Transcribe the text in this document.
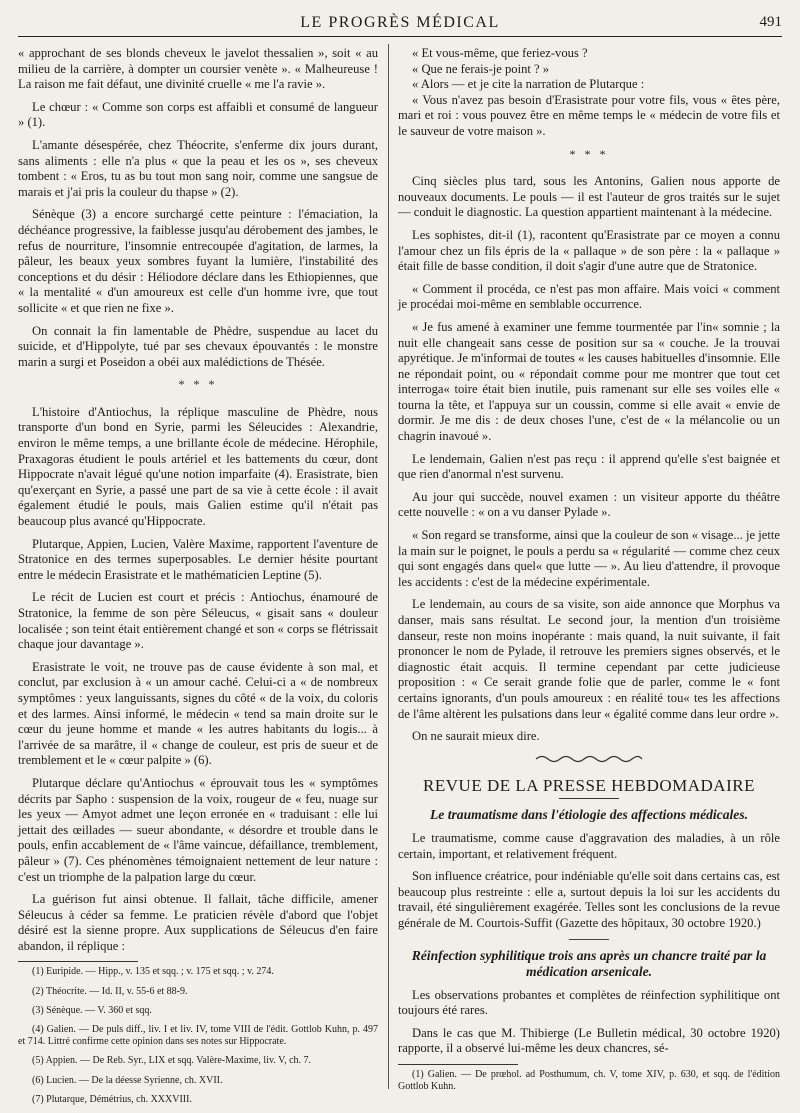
LE PROGRÈS MÉDICAL	491

« approchant de ses blonds cheveux le javelot thessalien », soit « au milieu de la carrière, à dompter un coursier venète ». « Malheureuse ! La raison me fait défaut, une divinité cruelle « me l'a ravie ».

Le chœur : « Comme son corps est affaibli et consumé de langueur » (1).

L'amante désespérée, chez Théocrite, s'enferme dix jours durant, sans aliments : elle n'a plus « que la peau et les os », ses cheveux tombent : « Eros, tu as bu tout mon sang noir, comme une sangsue de marais et j'ai pris la couleur du thapse » (2).

Sénèque (3) a encore surchargé cette peinture : l'émaciation, la déchéance progressive, la faiblesse jusqu'au dérobement des jambes, le refus de nourriture, l'insomnie entrecoupée d'agitation, de larmes, la pâleur, les beaux yeux sombres fuyant la lumière, l'instabilité des conceptions et du désir : Héliodore déclare dans les Ethiopiennes, que « la mentalité « d'un amoureux est celle d'un homme ivre, que tout sollicite « et que rien ne fixe ».

On connait la fin lamentable de Phèdre, suspendue au lacet du suicide, et d'Hippolyte, tué par ses chevaux épouvantés : le monstre marin a surgi et Poseidon a obéi aux malédictions de Thésée.

* * *

L'histoire d'Antiochus, la réplique masculine de Phèdre, nous transporte d'un bond en Syrie, parmi les Séleucides : Alexandrie, environ le même temps, a une brillante école de médecine. Hérophile, Praxagoras étudient le pouls artériel et les battements du cœur, dont Hippocrate n'avait légué qu'une notion imparfaite (4). Erasistrate, bien qu'exerçant en Syrie, a passé une part de sa vie à cette école : il avait également étudié le pouls, mais Galien estime qu'il n'était pas beaucoup plus avancé qu'Hippocrate.

Plutarque, Appien, Lucien, Valère Maxime, rapportent l'aventure de Stratonice en des termes superposables. Le dernier hésite pourtant entre le médecin Erasistrate et le mathématicien Leptine (5).

Le récit de Lucien est court et précis : Antiochus, énamouré de Stratonice, la femme de son père Séleucus, « gisait sans « douleur localisée ; son teint était entièrement changé et son « corps se flétrissait chaque jour davantage ».

Erasistrate le voit, ne trouve pas de cause évidente à son mal, et conclut, par exclusion à « un amour caché. Celui-ci a « de nombreux symptômes : yeux languissants, signes du côté « de la voix, du coloris et des larmes. Ainsi informé, le médecin « tend sa main droite sur le cœur du jeune homme et mande « les autres habitants du logis... à l'arrivée de sa marâtre, il « change de couleur, est pris de sueur et de tremblement et le « cœur palpite » (6).

Plutarque déclare qu'Antiochus « éprouvait tous les « symptômes décrits par Sapho : suspension de la voix, rougeur de « feu, nuage sur les yeux — Amyot admet une leçon erronée en « traduisant : elle lui jettait des œillades — sueur abondante, « désordre et trouble dans le pouls, enfin accablement de « l'âme vaincue, défaillance, tremblement, pâleur » (7). Ces phénomènes témoignaient nettement de leur nature : c'est un triomphe de la palpation large du cœur.

La guérison fut ainsi obtenue. Il fallait, tâche difficile, amener Séleucus à céder sa femme. Le praticien révèle d'abord que l'objet désiré est la sienne propre. Aux supplications de Séleucus d'en faire abandon, il réplique :

(1) Euripide. — Hipp., v. 135 et sqq. ; v. 175 et sqq. ; v. 274.

(2) Théocrite. — Id. II, v. 55-6 et 88-9.

(3) Sénèque. — V. 360 et sqq.

(4) Galien. — De puls diff., liv. I et liv. IV, tome VIII de l'édit. Gottlob Kuhn, p. 497 et 714. Littré confirme cette opinion dans ses notes sur Hippocrate.

(5) Appien. — De Reb. Syr., LIX et sqq. Valère-Maxime, liv. V, ch. 7.

(6) Lucien. — De la déesse Syrienne, ch. XVII.

(7) Plutarque, Démétrius, ch. XXXVIII.

« Et vous-même, que feriez-vous ?

« Que ne ferais-je point ? »

« Alors — et je cite la narration de Plutarque :

« Vous n'avez pas besoin d'Erasistrate pour votre fils, vous « êtes père, mari et roi : vous pouvez être en même temps le « médecin de votre fils et le sauveur de votre maison ».

* * *

Cinq siècles plus tard, sous les Antonins, Galien nous apporte de nouveaux documents. Le pouls — il est l'auteur de gros traités sur le sujet — conduit le diagnostic. La question appartient maintenant à la médecine.

Les sophistes, dit-il (1), racontent qu'Erasistrate par ce moyen a connu l'amour chez un fils épris de la « pallaque » de son père : la « pallaque » était fille de basse condition, il doit s'agir d'une autre que de Stratonice.

« Comment il procéda, ce n'est pas mon affaire. Mais voici « comment je procédai moi-même en semblable occurrence.

« Je fus amené à examiner une femme tourmentée par l'in« somnie ; la nuit elle changeait sans cesse de position sur sa « couche. Je la trouvai apyrétique. Je m'informai de toutes « les causes habituelles d'insomnie. Elle ne répondait point, ou « répondait comme pour me montrer que tout cet interroga« toire était bien inutile, puis ramenant sur elle ses voiles elle « tourna la tête, et l'appuya sur un coussin, comme si elle avait « envie de dormir. Je me dis : de deux choses l'une, c'est de « la mélancolie ou un chagrin inavoué ».

Le lendemain, Galien n'est pas reçu : il apprend qu'elle s'est baignée et que rien d'anormal n'est survenu.

Au jour qui succède, nouvel examen : un visiteur apporte du théâtre cette nouvelle : « on a vu danser Pylade ».

« Son regard se transforme, ainsi que la couleur de son « visage... je jette la main sur le poignet, le pouls a perdu sa « régularité — comme chez ceux qui sont engagés dans quel« que lutte — ». Au lieu d'attendre, il provoque les accidents : c'est de la médecine expérimentale.

Le lendemain, au cours de sa visite, son aide annonce que Morphus va danser, mais sans résultat. Le second jour, la mention d'un troisième danseur, reste non moins inopérante : mais quand, la nuit suivante, il fait prononcer le nom de Pylade, il retrouve les premiers signes observés, et le diagnostic était acquis. Il termine cependant par cette judicieuse proposition : « Ce serait grande folie que de parler, comme le « font certains ignorants, d'un pouls amoureux : en réalité tou« tes les affections de l'âme altèrent les pulsations dans leur « égalité comme dans leur ordre ».

On ne saurait mieux dire.

REVUE DE LA PRESSE HEBDOMADAIRE
Le traumatisme dans l'étiologie des affections médicales.

Le traumatisme, comme cause d'aggravation des maladies, à un rôle certain, important, et relativement fréquent.

Son influence créatrice, pour indéniable qu'elle soit dans certains cas, est beaucoup plus restreinte : elle a, surtout depuis la loi sur les accidents du travail, été singulièrement exagérée. Telles sont les conclusions de la revue générale de M. Courtois-Suffit (Gazette des hôpitaux, 30 octobre 1920.)

Réinfection syphilitique trois ans après un chancre traité par la médication arsenicale.

Les observations probantes et complètes de réinfection syphilitique ont toujours été rares.

Dans le cas que M. Thibierge (Le Bulletin médical, 30 octobre 1920) rapporte, il a observé lui-même les deux chancres, sé-

(1) Galien. — De prœhol. ad Posthumum, ch. V, tome XIV, p. 630, et sqq. de l'édition Gottlob Kuhn.
